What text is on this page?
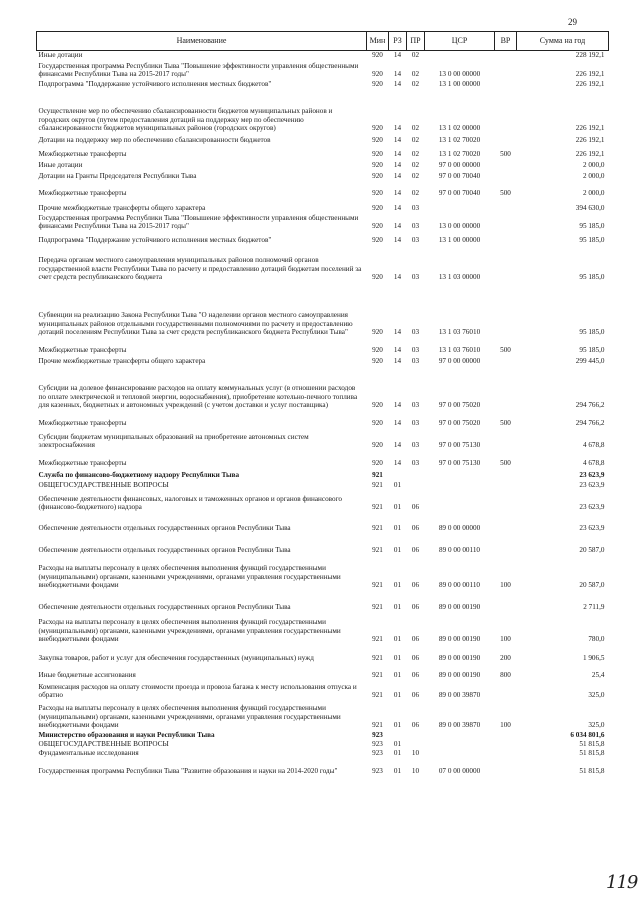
29
Наименование	Мин	РЗ	ПР	ЦСР	ВР	Сумма на год
Иные дотации	920	14	02			228 192,1
Государственная программа Республики Тыва "Повышение эффективности управления общественными финансами Республики Тыва на 2015-2017 годы"	920	14	02	13 0 00 00000		226 192,1
Подпрограмма "Поддержание устойчивого исполнения местных бюджетов"	920	14	02	13 1 00 00000		226 192,1
Осуществление мер по обеспечению сбалансированности бюджетов муниципальных районов и городских округов (путем предоставления дотаций на поддержку мер по обеспечению сбалансированности бюджетов муниципальных районов (городских округов)	920	14	02	13 1 02 00000		226 192,1
Дотации на поддержку мер по обеспечению сбалансированности бюджетов	920	14	02	13 1 02 70020		226 192,1
Межбюджетные трансферты	920	14	02	13 1 02 70020	500	226 192,1
Иные дотации	920	14	02	97 0 00 00000		2 000,0
Дотации на Гранты Председателя Республики Тыва	920	14	02	97 0 00 70040		2 000,0
Межбюджетные трансферты	920	14	02	97 0 00 70040	500	2 000,0
Прочие межбюджетные трансферты общего характера	920	14	03			394 630,0
Государственная программа Республики Тыва "Повышение эффективности управления общественными финансами Республики Тыва на 2015-2017 годы"	920	14	03	13 0 00 00000		95 185,0
Подпрограмма "Поддержание устойчивого исполнения местных бюджетов"	920	14	03	13 1 00 00000		95 185,0
Передача органам местного самоуправления муниципальных районов полномочий органов государственной власти Республики Тыва по расчету и предоставлению дотаций бюджетам поселений за счет средств республиканского бюджета	920	14	03	13 1 03 00000		95 185,0
Субвенции на реализацию Закона Республики Тыва "О наделении органов местного самоуправления муниципальных районов отдельными государственными полномочиями по расчету и предоставлению дотаций поселениям Республики Тыва за счет средств республиканского бюджета Республики Тыва"	920	14	03	13 1 03 76010		95 185,0
Межбюджетные трансферты	920	14	03	13 1 03 76010	500	95 185,0
Прочие межбюджетные трансферты общего характера	920	14	03	97 0 00 00000		299 445,0
Субсидии на долевое финансирование расходов на оплату коммунальных услуг (в отношении расходов по оплате электрической и тепловой энергии, водоснабжения), приобретение котельно-печного топлива для казенных, бюджетных и автономных учреждений (с учетом доставки и услуг поставщика)	920	14	03	97 0 00 75020		294 766,2
Межбюджетные трансферты	920	14	03	97 0 00 75020	500	294 766,2
Субсидии бюджетам муниципальных образований на приобретение автономных систем электроснабжения	920	14	03	97 0 00 75130		4 678,8
Межбюджетные трансферты	920	14	03	97 0 00 75130	500	4 678,8
Служба по финансово-бюджетному надзору Республики Тыва	921					23 623,9
ОБЩЕГОСУДАРСТВЕННЫЕ ВОПРОСЫ	921	01				23 623,9
Обеспечение деятельности финансовых, налоговых и таможенных органов и органов финансового (финансово-бюджетного) надзора	921	01	06			23 623,9
Обеспечение деятельности отдельных государственных органов Республики Тыва	921	01	06	89 0 00 00000		23 623,9
Обеспечение деятельности отдельных государственных органов Республики Тыва	921	01	06	89 0 00 00110		20 587,0
Расходы на выплаты персоналу в целях обеспечения выполнения функций государственными (муниципальными) органами, казенными учреждениями, органами управления государственными внебюджетными фондами	921	01	06	89 0 00 00110	100	20 587,0
Обеспечение деятельности отдельных государственных органов Республики Тыва	921	01	06	89 0 00 00190		2 711,9
Расходы на выплаты персоналу в целях обеспечения выполнения функций государственными (муниципальными) органами, казенными учреждениями, органами управления государственными внебюджетными фондами	921	01	06	89 0 00 00190	100	780,0
Закупка товаров, работ и услуг для обеспечения государственных (муниципальных) нужд	921	01	06	89 0 00 00190	200	1 906,5
Иные бюджетные ассигнования	921	01	06	89 0 00 00190	800	25,4
Компенсация расходов на оплату стоимости проезда и провоза багажа к месту использования отпуска и обратно	921	01	06	89 0 00 39870		325,0
Расходы на выплаты персоналу в целях обеспечения выполнения функций государственными (муниципальными) органами, казенными учреждениями, органами управления государственными внебюджетными фондами	921	01	06	89 0 00 39870	100	325,0
Министерство образования и науки Республики Тыва	923					6 034 801,6
ОБЩЕГОСУДАРСТВЕННЫЕ ВОПРОСЫ	923	01				51 815,8
Фундаментальные исследования	923	01	10			51 815,8
Государственная программа Республики Тыва "Развитие образования и науки на 2014-2020 годы"	923	01	10	07 0 00 00000		51 815,8
119
